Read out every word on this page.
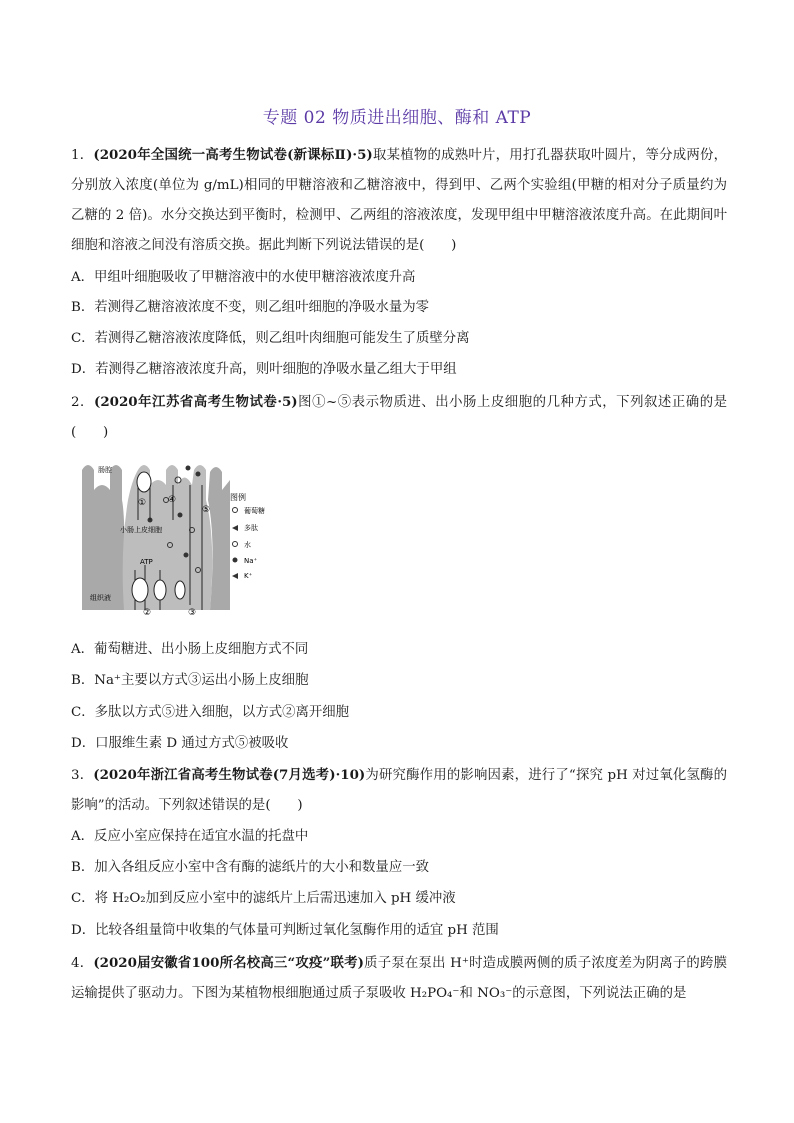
专题 02 物质进出细胞、酶和 ATP
1．(2020年全国统一高考生物试卷(新课标Ⅱ)·5)取某植物的成熟叶片，用打孔器获取叶圆片，等分成两份，分别放入浓度(单位为 g/mL)相同的甲糖溶液和乙糖溶液中，得到甲、乙两个实验组(甲糖的相对分子质量约为乙糖的 2 倍)。水分交换达到平衡时，检测甲、乙两组的溶液浓度，发现甲组中甲糖溶液浓度升高。在此期间叶细胞和溶液之间没有溶质交换。据此判断下列说法错误的是(　　)
A．甲组叶细胞吸收了甲糖溶液中的水使甲糖溶液浓度升高
B．若测得乙糖溶液浓度不变，则乙组叶细胞的净吸水量为零
C．若测得乙糖溶液浓度降低，则乙组叶肉细胞可能发生了质壁分离
D．若测得乙糖溶液浓度升高，则叶细胞的净吸水量乙组大于甲组
2．(2020年江苏省高考生物试卷·5)图①~⑤表示物质进、出小肠上皮细胞的几种方式，下列叙述正确的是(　　)
①
②	③
④
⑤
肠腔
小肠上皮细胞
组织液
ATP
图例
葡萄糖
多肽
水
Na⁺
K⁺
A．葡萄糖进、出小肠上皮细胞方式不同
B．Na⁺主要以方式③运出小肠上皮细胞
C．多肽以方式⑤进入细胞，以方式②离开细胞
D．口服维生素 D 通过方式⑤被吸收
3．(2020年浙江省高考生物试卷(7月选考)·10)为研究酶作用的影响因素，进行了“探究 pH 对过氧化氢酶的影响”的活动。下列叙述错误的是(　　)
A．反应小室应保持在适宜水温的托盘中
B．加入各组反应小室中含有酶的滤纸片的大小和数量应一致
C．将 H₂O₂加到反应小室中的滤纸片上后需迅速加入 pH 缓冲液
D．比较各组量筒中收集的气体量可判断过氧化氢酶作用的适宜 pH 范围
4．(2020届安徽省100所名校高三“攻疫”联考)质子泵在泵出 H⁺时造成膜两侧的质子浓度差为阴离子的跨膜运输提供了驱动力。下图为某植物根细胞通过质子泵吸收 H₂PO₄⁻和 NO₃⁻的示意图，下列说法正确的是
